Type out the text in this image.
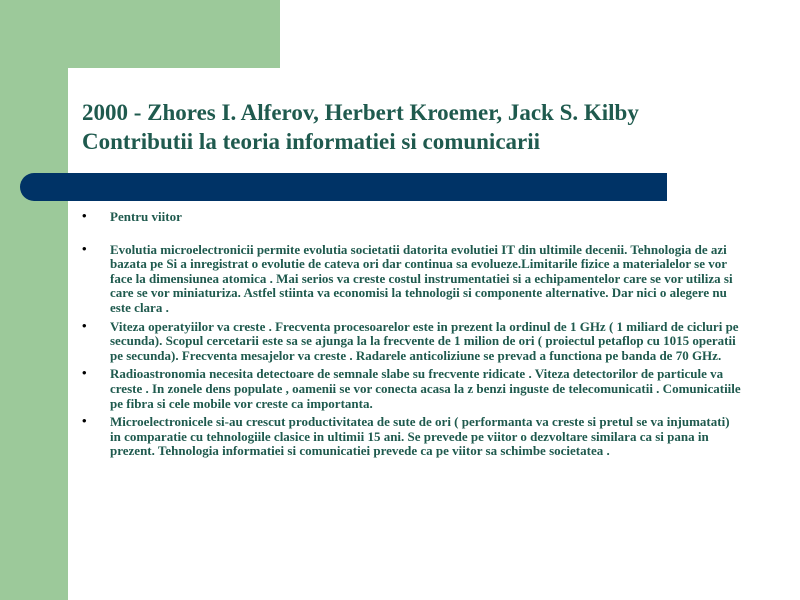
2000 - Zhores I. Alferov, Herbert Kroemer, Jack S. Kilby
Contributii la teoria informatiei si comunicarii
• Pentru viitor
• Evolutia microelectronicii permite evolutia societatii datorita evolutiei IT din ultimile decenii. Tehnologia de azi bazata pe Si a inregistrat o evolutie de cateva ori dar continua sa evolueze.Limitarile fizice a materialelor se vor face la dimensiunea atomica . Mai serios va creste costul instrumentatiei si a echipamentelor care se vor utiliza si care se vor miniaturiza. Astfel stiinta va economisi la tehnologii si componente alternative. Dar nici o alegere nu este clara .
• Viteza operatyiilor va creste . Frecventa procesoarelor este in prezent la ordinul de 1 GHz ( 1 miliard de cicluri pe secunda). Scopul cercetarii este sa se ajunga la la frecvente de 1 milion de ori ( proiectul petaflop cu 1015 operatii pe secunda). Frecventa mesajelor va creste . Radarele anticoliziune se prevad a functiona pe banda de 70 GHz.
• Radioastronomia necesita detectoare de semnale slabe su frecvente ridicate . Viteza detectorilor de particule va creste . In zonele dens populate , oamenii se vor conecta acasa la z benzi inguste de telecomunicatii . Comunicatiile pe fibra si cele mobile vor creste ca importanta.
• Microelectronicele si-au crescut productivitatea de sute de ori ( performanta va creste si pretul se va injumatati) in comparatie cu tehnologiile clasice in ultimii 15 ani. Se prevede pe viitor o dezvoltare similara ca si pana in prezent. Tehnologia informatiei si comunicatiei prevede ca pe viitor sa schimbe societatea .
